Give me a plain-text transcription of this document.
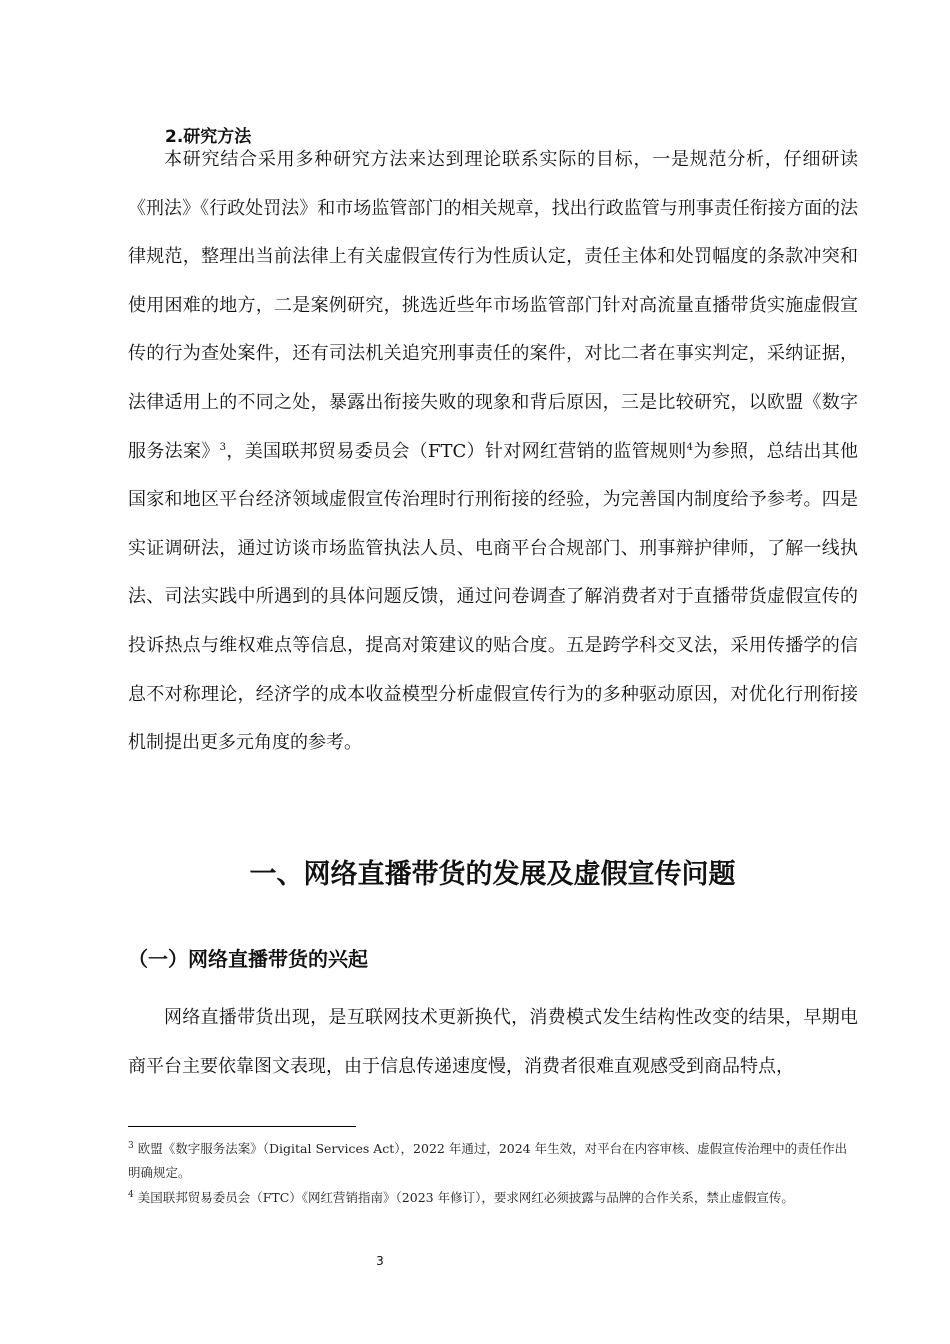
2.研究方法
本研究结合采用多种研究方法来达到理论联系实际的目标，一是规范分析，仔细研读《刑法》《行政处罚法》和市场监管部门的相关规章，找出行政监管与刑事责任衔接方面的法律规范，整理出当前法律上有关虚假宣传行为性质认定，责任主体和处罚幅度的条款冲突和使用困难的地方，二是案例研究，挑选近些年市场监管部门针对高流量直播带货实施虚假宣传的行为查处案件，还有司法机关追究刑事责任的案件，对比二者在事实判定，采纳证据，法律适用上的不同之处，暴露出衔接失败的现象和背后原因，三是比较研究，以欧盟《数字服务法案》$^3$，美国联邦贸易委员会（FTC）针对网红营销的监管规则$^4$为参照，总结出其他国家和地区平台经济领域虚假宣传治理时行刑衔接的经验，为完善国内制度给予参考。四是实证调研法，通过访谈市场监管执法人员、电商平台合规部门、刑事辩护律师，了解一线执法、司法实践中所遇到的具体问题反馈，通过问卷调查了解消费者对于直播带货虚假宣传的投诉热点与维权难点等信息，提高对策建议的贴合度。五是跨学科交叉法，采用传播学的信息不对称理论，经济学的成本收益模型分析虚假宣传行为的多种驱动原因，对优化行刑衔接机制提出更多元角度的参考。
一、网络直播带货的发展及虚假宣传问题
（一）网络直播带货的兴起
网络直播带货出现，是互联网技术更新换代，消费模式发生结构性改变的结果，早期电商平台主要依靠图文表现，由于信息传递速度慢，消费者很难直观感受到商品特点，
$^3$ 欧盟《数字服务法案》（Digital Services Act），2022 年通过，2024 年生效，对平台在内容审核、虚假宣传治理中的责任作出明确规定。
$^4$ 美国联邦贸易委员会（FTC）《网红营销指南》（2023 年修订），要求网红必须披露与品牌的合作关系，禁止虚假宣传。
3
